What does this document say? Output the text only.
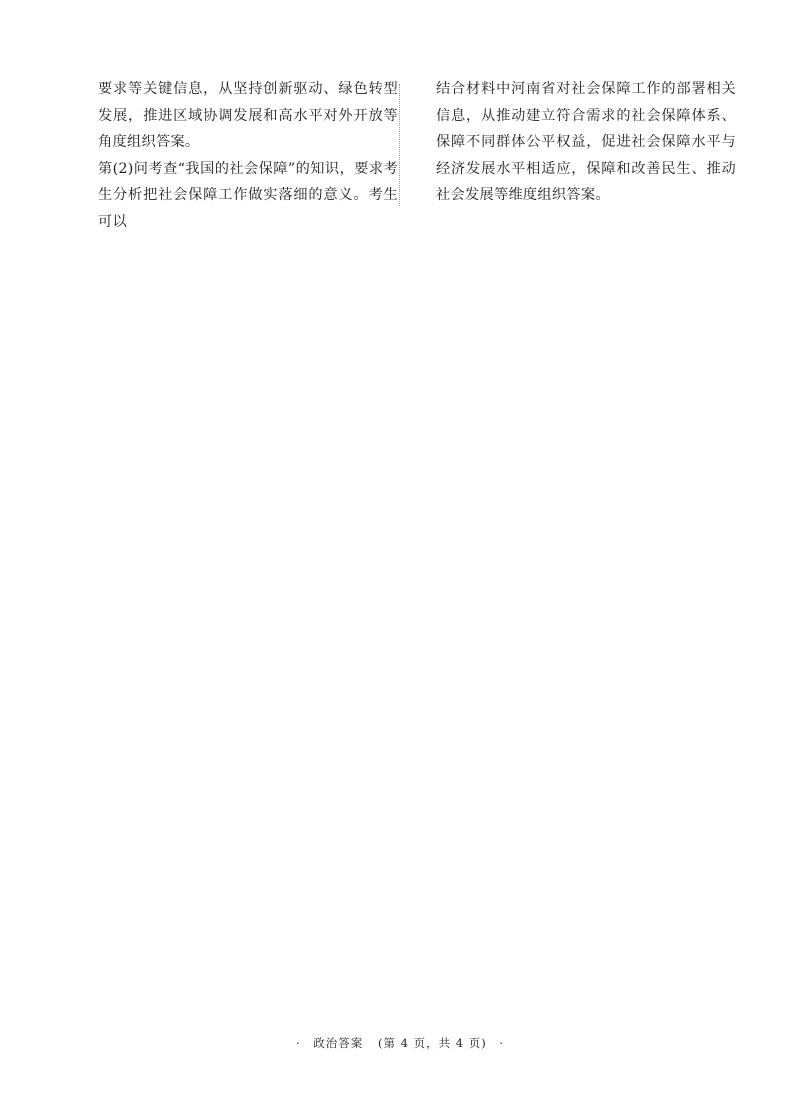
要求等关键信息，从坚持创新驱动、绿色转型发展，推进区域协调发展和高水平对外开放等角度组织答案。

第(2)问考查“我国的社会保障”的知识，要求考生分析把社会保障工作做实落细的意义。考生可以

结合材料中河南省对社会保障工作的部署相关信息，从推动建立符合需求的社会保障体系、保障不同群体公平权益，促进社会保障水平与经济发展水平相适应，保障和改善民生、推动社会发展等维度组织答案。

· 政治答案 (第 4 页，共 4 页) ·
